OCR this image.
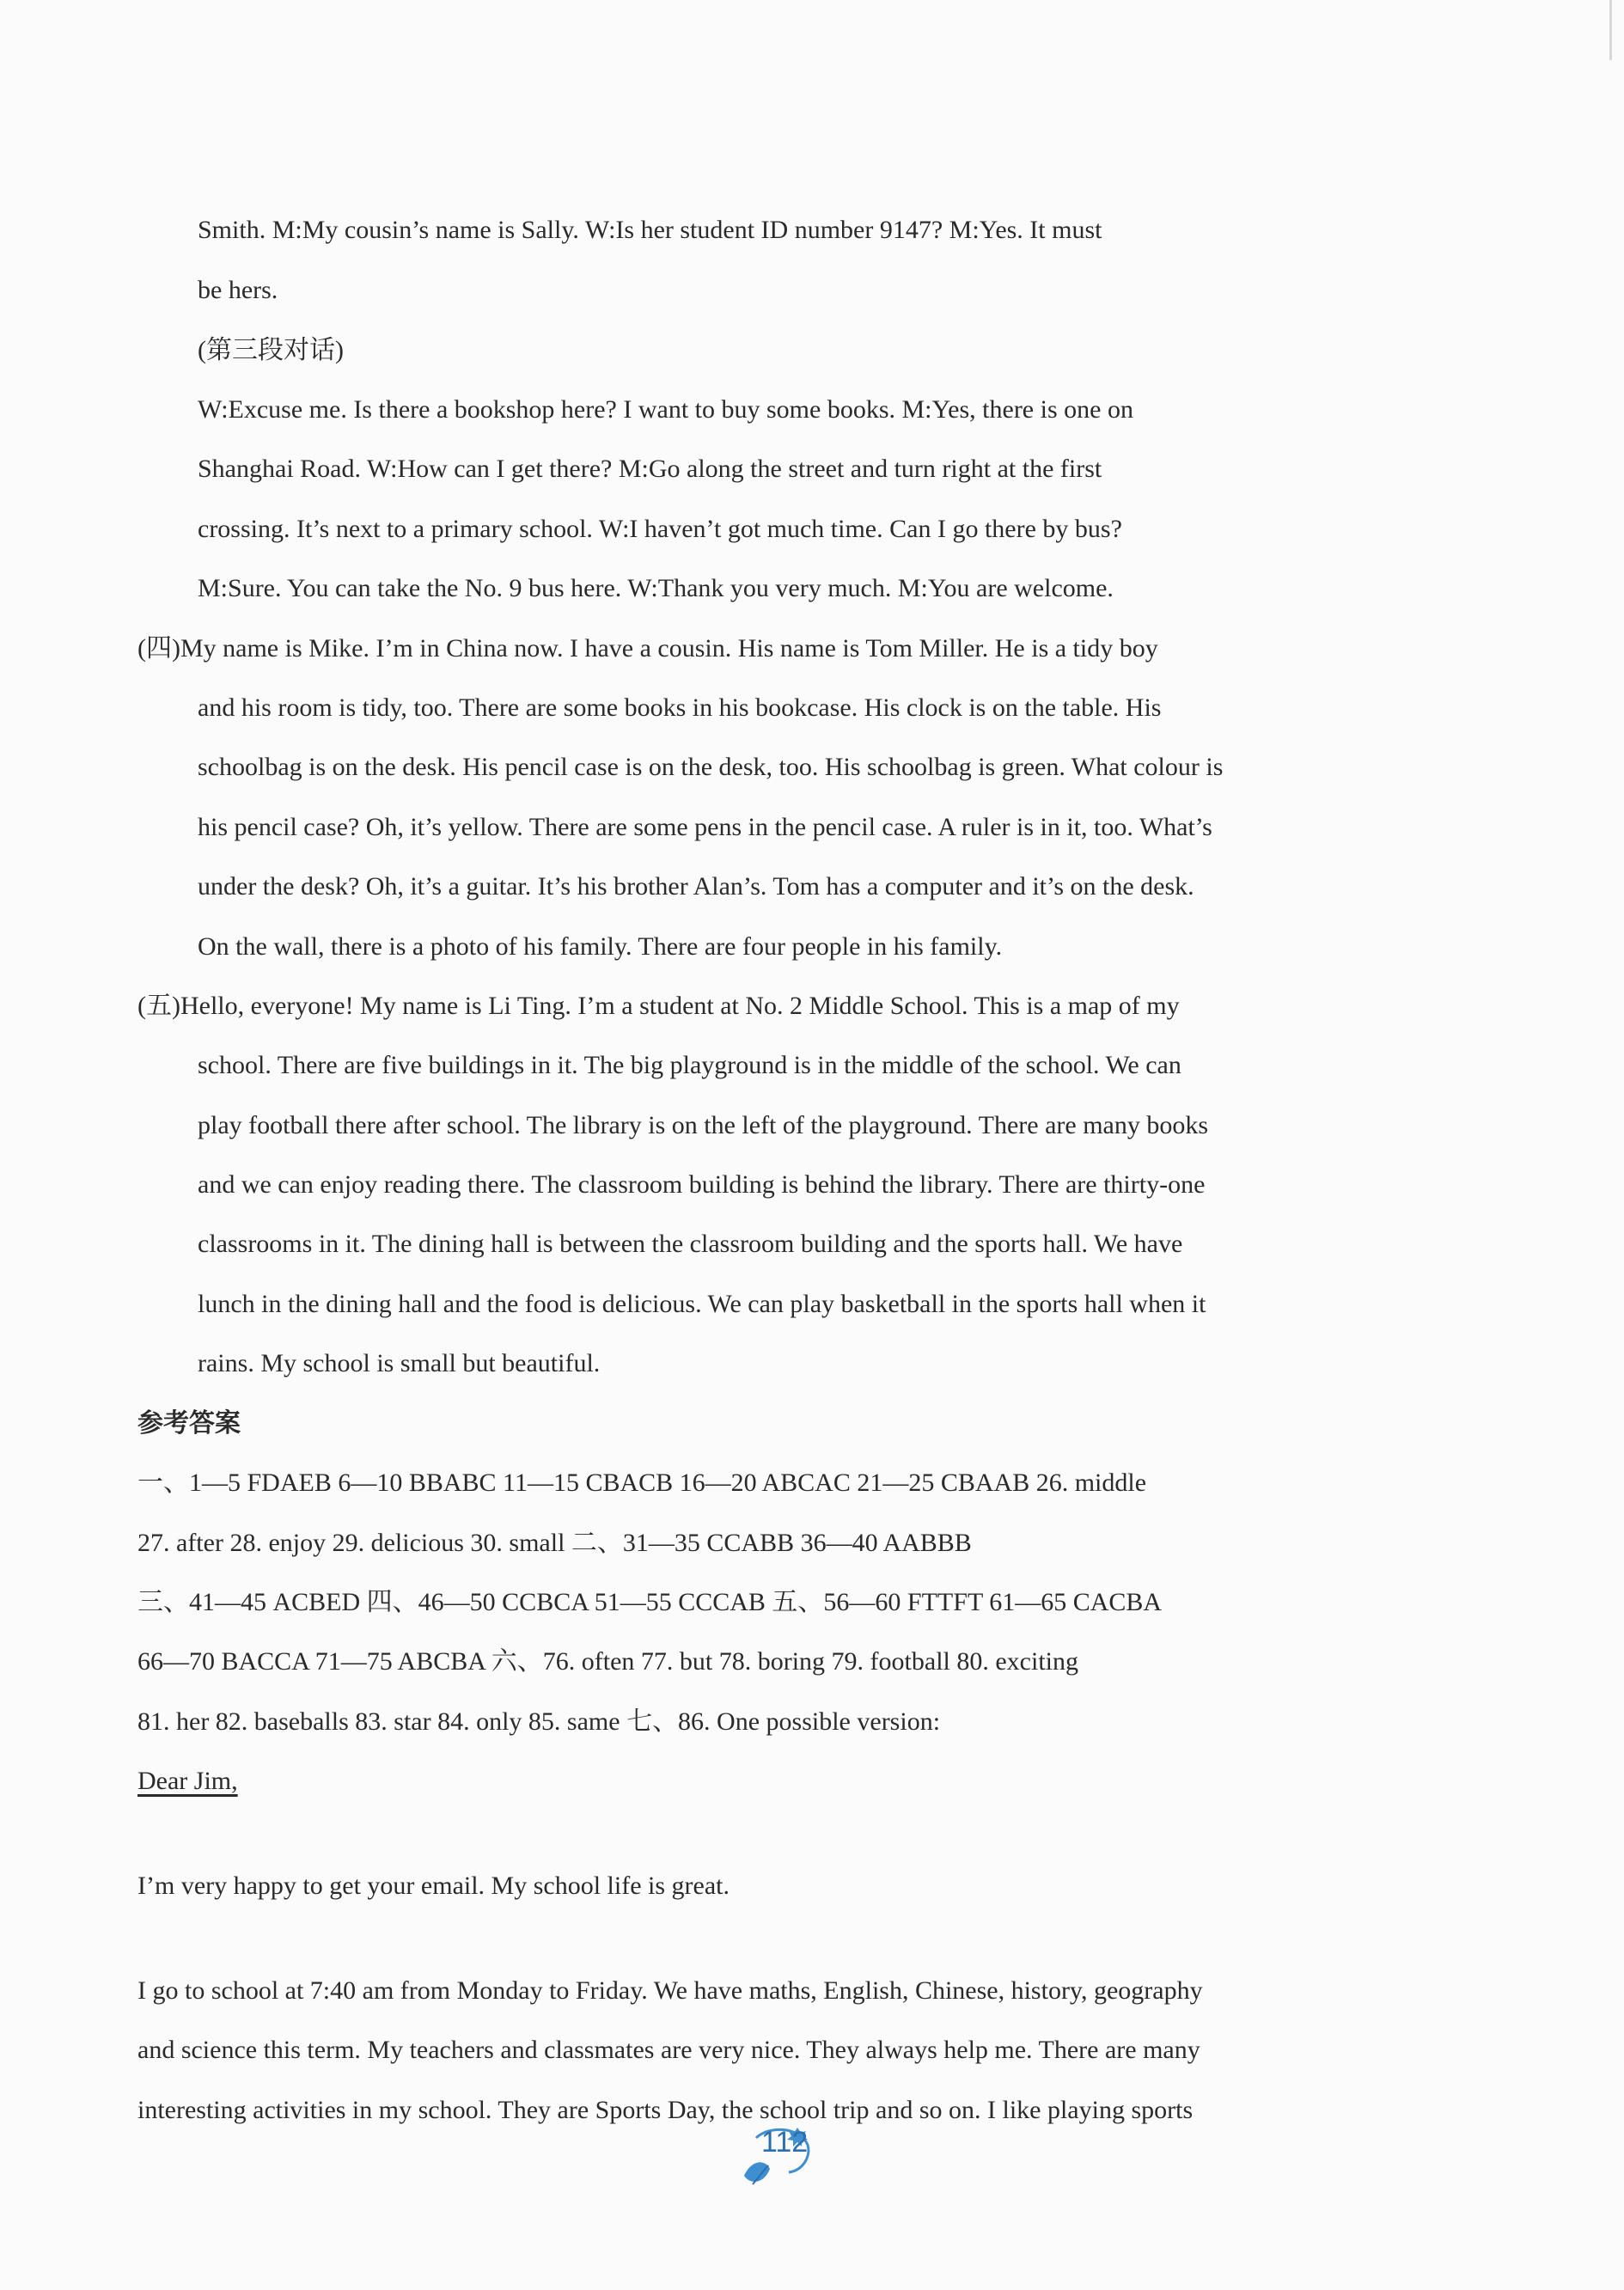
Smith. M:My cousin’s name is Sally. W:Is her student ID number 9147? M:Yes. It must
be hers.
(第三段对话)
W:Excuse me. Is there a bookshop here? I want to buy some books. M:Yes, there is one on
Shanghai Road. W:How can I get there? M:Go along the street and turn right at the first
crossing. It’s next to a primary school. W:I haven’t got much time. Can I go there by bus?
M:Sure. You can take the No. 9 bus here. W:Thank you very much. M:You are welcome.
(四)My name is Mike. I’m in China now. I have a cousin. His name is Tom Miller. He is a tidy boy
and his room is tidy, too. There are some books in his bookcase. His clock is on the table. His
schoolbag is on the desk. His pencil case is on the desk, too. His schoolbag is green. What colour is
his pencil case? Oh, it’s yellow. There are some pens in the pencil case. A ruler is in it, too. What’s
under the desk? Oh, it’s a guitar. It’s his brother Alan’s. Tom has a computer and it’s on the desk.
On the wall, there is a photo of his family. There are four people in his family.
(五)Hello, everyone! My name is Li Ting. I’m a student at No. 2 Middle School. This is a map of my
school. There are five buildings in it. The big playground is in the middle of the school. We can
play football there after school. The library is on the left of the playground. There are many books
and we can enjoy reading there. The classroom building is behind the library. There are thirty-one
classrooms in it. The dining hall is between the classroom building and the sports hall. We have
lunch in the dining hall and the food is delicious. We can play basketball in the sports hall when it
rains. My school is small but beautiful.
参考答案
一、1—5 FDAEB 6—10 BBABC 11—15 CBACB 16—20 ABCAC 21—25 CBAAB 26. middle
27. after 28. enjoy 29. delicious 30. small 二、31—35 CCABB 36—40 AABBB
三、41—45 ACBED 四、46—50 CCBCA 51—55 CCCAB 五、56—60 FTTFT 61—65 CACBA
66—70 BACCA 71—75 ABCBA 六、76. often 77. but 78. boring 79. football 80. exciting
81. her 82. baseballs 83. star 84. only 85. same 七、86. One possible version:
Dear Jim,
I’m very happy to get your email. My school life is great.
I go to school at 7:40 am from Monday to Friday. We have maths, English, Chinese, history, geography
and science this term. My teachers and classmates are very nice. They always help me. There are many
interesting activities in my school. They are Sports Day, the school trip and so on. I like playing sports
112
